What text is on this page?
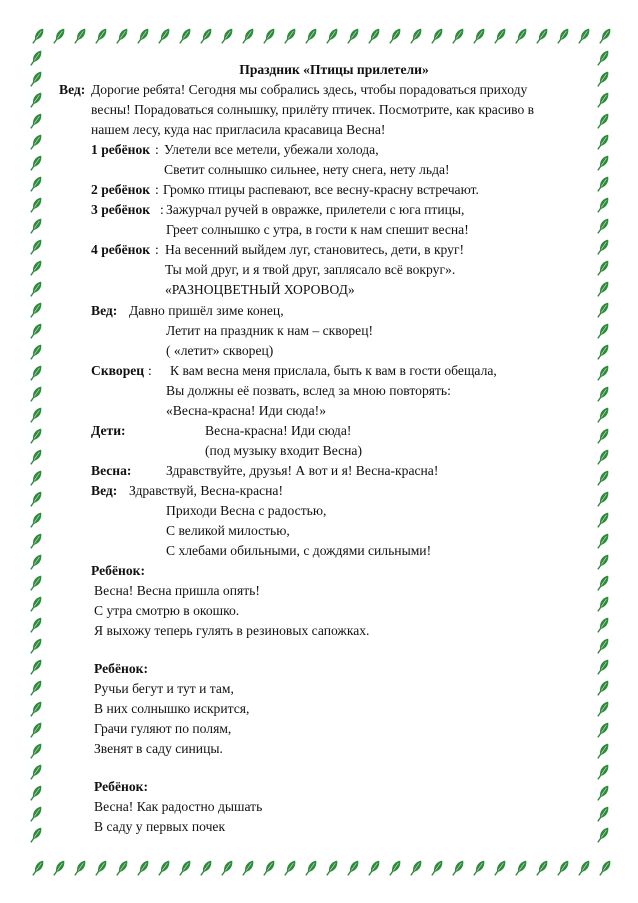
Праздник «Птицы прилетели»
Вед: Дорогие ребята! Сегодня мы собрались здесь, чтобы порадоваться приходу
весны! Порадоваться солнышку, прилёту птичек. Посмотрите, как красиво в
нашем лесу, куда нас пригласила красавица Весна!
1 ребёнок : Улетели все метели, убежали холода,
Светит солнышко сильнее, нету снега, нету льда!
2 ребёнок : Громко птицы распевают, все весну-красну встречают.
3 ребёнок : Зажурчал ручей в овражке, прилетели с юга птицы,
Греет солнышко с утра, в гости к нам спешит весна!
4 ребёнок : На весенний выйдем луг, становитесь, дети, в круг!
Ты мой друг, и я твой друг, заплясало всё вокруг».
«РАЗНОЦВЕТНЫЙ ХОРОВОД»
Вед: Давно пришёл зиме конец,
Летит на праздник к нам – скворец!
( «летит» скворец)
Скворец : К вам весна меня прислала, быть к вам в гости обещала,
Вы должны её позвать, вслед за мною повторять:
«Весна-красна! Иди сюда!»
Дети:	Весна-красна! Иди сюда!
(под музыку входит Весна)
Весна:	Здравствуйте, друзья! А вот и я! Весна-красна!
Вед: Здравствуй, Весна-красна!
Приходи Весна с радостью,
С великой милостью,
С хлебами обильными, с дождями сильными!
Ребёнок:
Весна! Весна пришла опять!
С утра смотрю в окошко.
Я выхожу теперь гулять в резиновых сапожках.
Ребёнок:
Ручьи бегут и тут и там,
В них солнышко искрится,
Грачи гуляют по полям,
Звенят в саду синицы.
Ребёнок:
Весна! Как радостно дышать
В саду у первых почек
